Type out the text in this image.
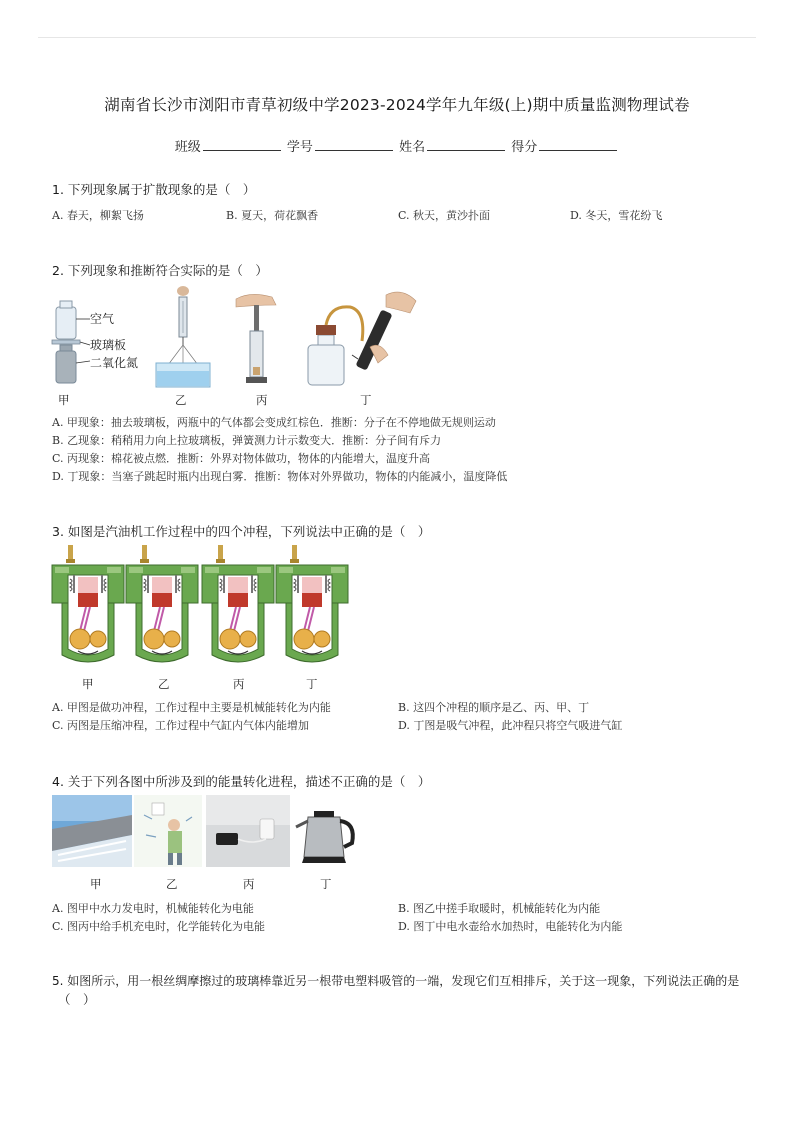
湖南省长沙市浏阳市青草初级中学2023-2024学年九年级(上)期中质量监测物理试卷
班级	学号	姓名	得分
1. 下列现象属于扩散现象的是（　）
A. 春天，柳絮飞扬	B. 夏天，荷花飘香	C. 秋天，黄沙扑面	D. 冬天，雪花纷飞
2. 下列现象和推断符合实际的是（　）
空气
玻璃板
二氧化氮
甲	乙	丙	丁
A. 甲现象：抽去玻璃板，两瓶中的气体都会变成红棕色．推断：分子在不停地做无规则运动
B. 乙现象：稍稍用力向上拉玻璃板，弹簧测力计示数变大．推断：分子间有斥力
C. 丙现象：棉花被点燃．推断：外界对物体做功，物体的内能增大，温度升高
D. 丁现象：当塞子跳起时瓶内出现白雾．推断：物体对外界做功，物体的内能减小，温度降低
3. 如图是汽油机工作过程中的四个冲程，下列说法中正确的是（　）
甲	乙	丙	丁
A. 甲图是做功冲程，工作过程中主要是机械能转化为内能	B. 这四个冲程的顺序是乙、丙、甲、丁
C. 丙图是压缩冲程，工作过程中气缸内气体内能增加	D. 丁图是吸气冲程，此冲程只将空气吸进气缸
4. 关于下列各图中所涉及到的能量转化进程，描述不正确的是（　）
甲	乙	丙	丁
A. 图甲中水力发电时，机械能转化为电能	B. 图乙中搓手取暖时，机械能转化为内能
C. 图丙中给手机充电时，化学能转化为电能	D. 图丁中电水壶给水加热时，电能转化为内能
5. 如图所示，用一根丝绸摩擦过的玻璃棒靠近另一根带电塑料吸管的一端，发现它们互相排斥，关于这一现象，下列说法正确的是
（　）
